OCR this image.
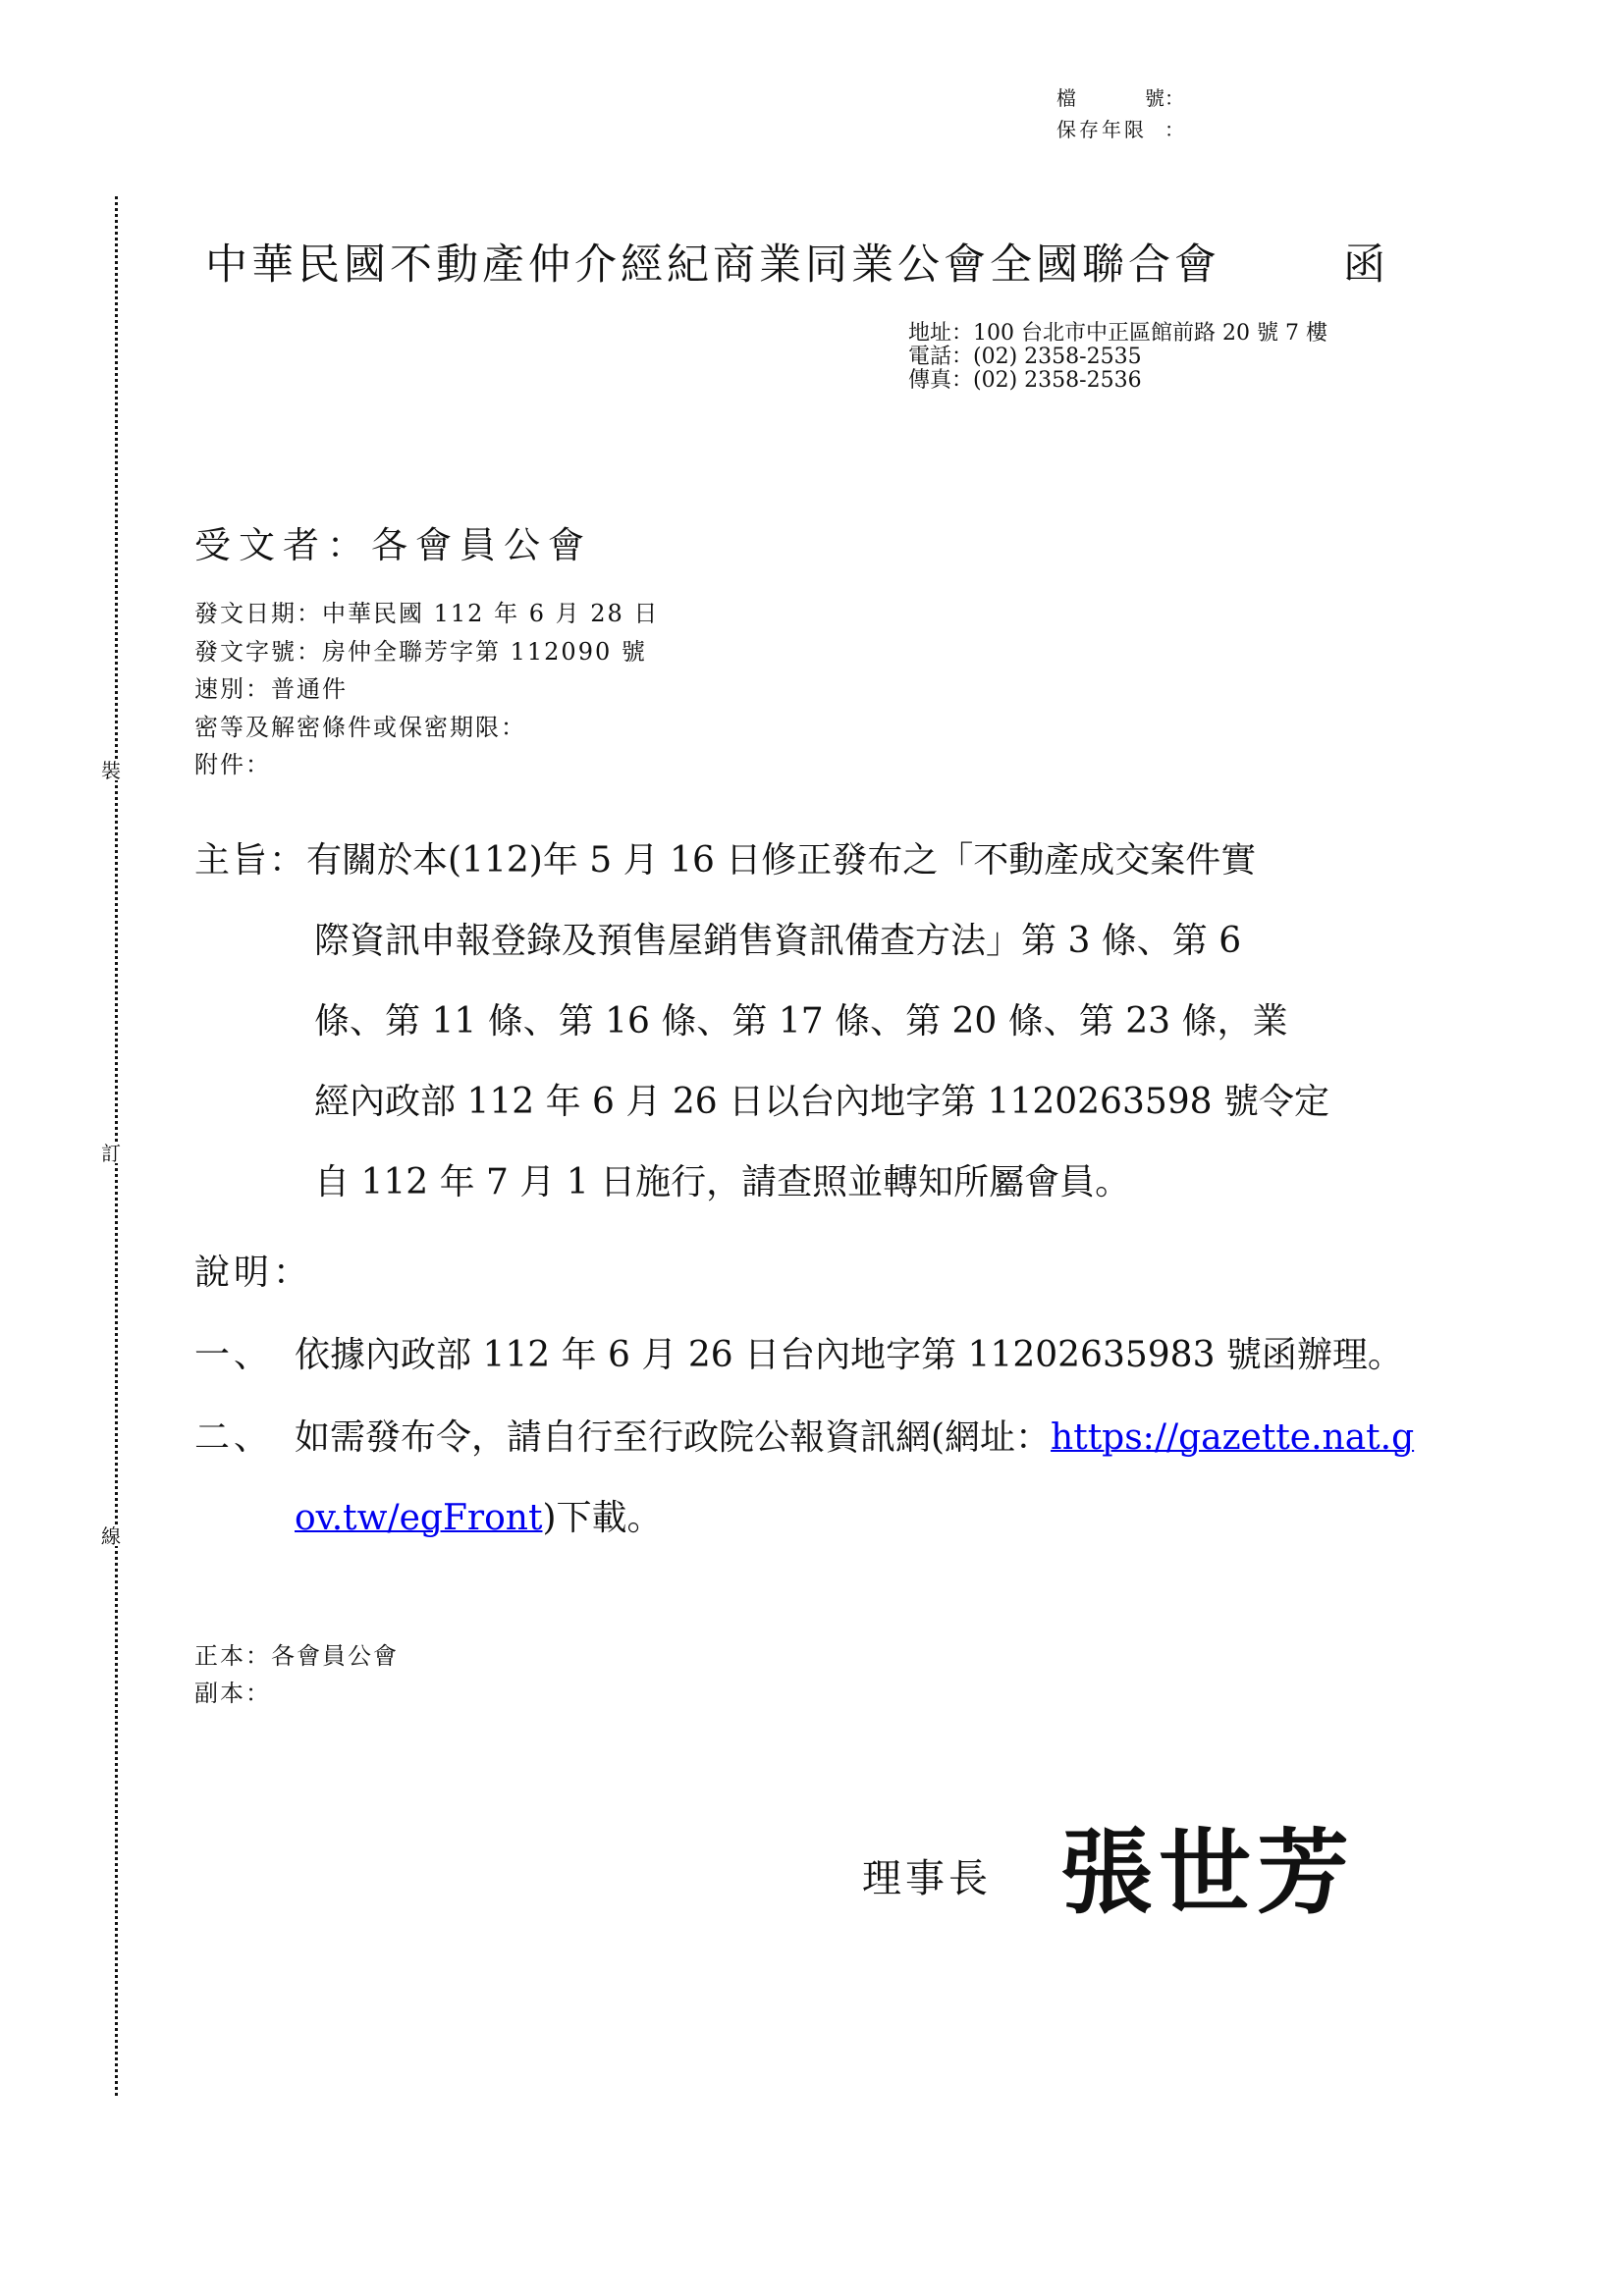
裝
訂
線
檔	號 ：
保存年限 ：
中華民國不動產仲介經紀商業同業公會全國聯合會	函
地址：100 台北市中正區館前路 20 號 7 樓
電話：(02) 2358-2535
傳真：(02) 2358-2536
受文者：各會員公會
發文日期：中華民國 112 年 6 月 28 日
發文字號：房仲全聯芳字第 112090 號
速別：普通件
密等及解密條件或保密期限：
附件：
主旨：有關於本(112)年 5 月 16 日修正發布之「不動產成交案件實
際資訊申報登錄及預售屋銷售資訊備查方法」第 3 條、第 6
條、第 11 條、第 16 條、第 17 條、第 20 條、第 23 條，業
經內政部 112 年 6 月 26 日以台內地字第 1120263598 號令定
自 112 年 7 月 1 日施行，請查照並轉知所屬會員。
說明：
一、 依據內政部 112 年 6 月 26 日台內地字第 11202635983 號函辦理。
二、 如需發布令，請自行至行政院公報資訊網(網址：https://gazette.nat.g
ov.tw/egFront)下載。
正本：各會員公會
副本：
理事長 張世芳
